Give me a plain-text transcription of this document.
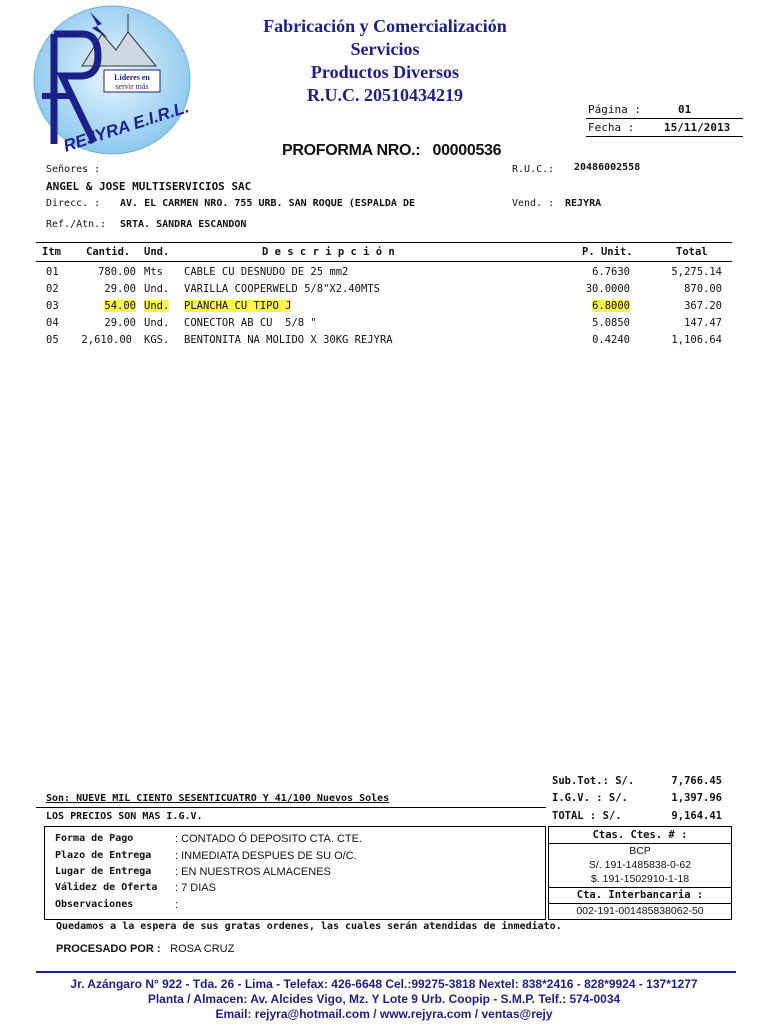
Líderes en
servir más
REJYRA E.I.R.L.
Fabricación y Comercialización
Servicios
Productos Diversos
R.U.C. 20510434219
Página :	01
Fecha :	15/11/2013
PROFORMA NRO.: 00000536
Señores :	R.U.C.: 20486002558
ANGEL & JOSE MULTISERVICIOS SAC
Direcc. : AV. EL CARMEN NRO. 755 URB. SAN ROQUE (ESPALDA DE	Vend. : REJYRA
Ref./Atn.: SRTA. SANDRA ESCANDON
Itm Cantid. Und.	D e s c r i p c i ó n	P. Unit.	Total
01	780.00 Mts CABLE CU DESNUDO DE 25 mm2	6.7630	5,275.14
02	29.00 Und. VARILLA COOPERWELD 5/8"X2.40MTS	30.0000	870.00
03	54.00 Und. PLANCHA CU TIPO J	6.8000	367.20
04	29.00 Und. CONECTOR AB CU  5/8 "	5.0850	147.47
05 2,610.00 KGS. BENTONITA NA MOLIDO X 30KG REJYRA	0.4240	1,106.64
Sub.Tot.: S/.	7,766.45
I.G.V. : S/.	1,397.96
TOTAL : S/.	9,164.41
Son: NUEVE MIL CIENTO SESENTICUATRO Y 41/100 Nuevos Soles
LOS PRECIOS SON MAS I.G.V.
Forma de Pago	: CONTADO Ó DEPOSITO CTA. CTE.
Plazo de Entrega : INMEDIATA DESPUES DE SU O/C.
Lugar de Entrega : EN NUESTROS ALMACENES
Válidez de Oferta : 7 DIAS
Observaciones	:
Ctas. Ctes. # :
BCP
S/. 191-1485838-0-62
$. 191-1502910-1-18
Cta. Interbancaria :
002-191-001485838062-50
Quedamos a la espera de sus gratas ordenes, las cuales serán atendidas de inmediato.
PROCESADO POR : ROSA CRUZ
Jr. Azángaro N° 922 - Tda. 26 - Lima - Telefax: 426-6648 Cel.:99275-3818 Nextel: 838*2416 - 828*9924 - 137*1277
Planta / Almacen: Av. Alcides Vigo, Mz. Y Lote 9 Urb. Coopip - S.M.P. Telf.: 574-0034
Email: rejyra@hotmail.com / www.rejyra.com / ventas@rejy
